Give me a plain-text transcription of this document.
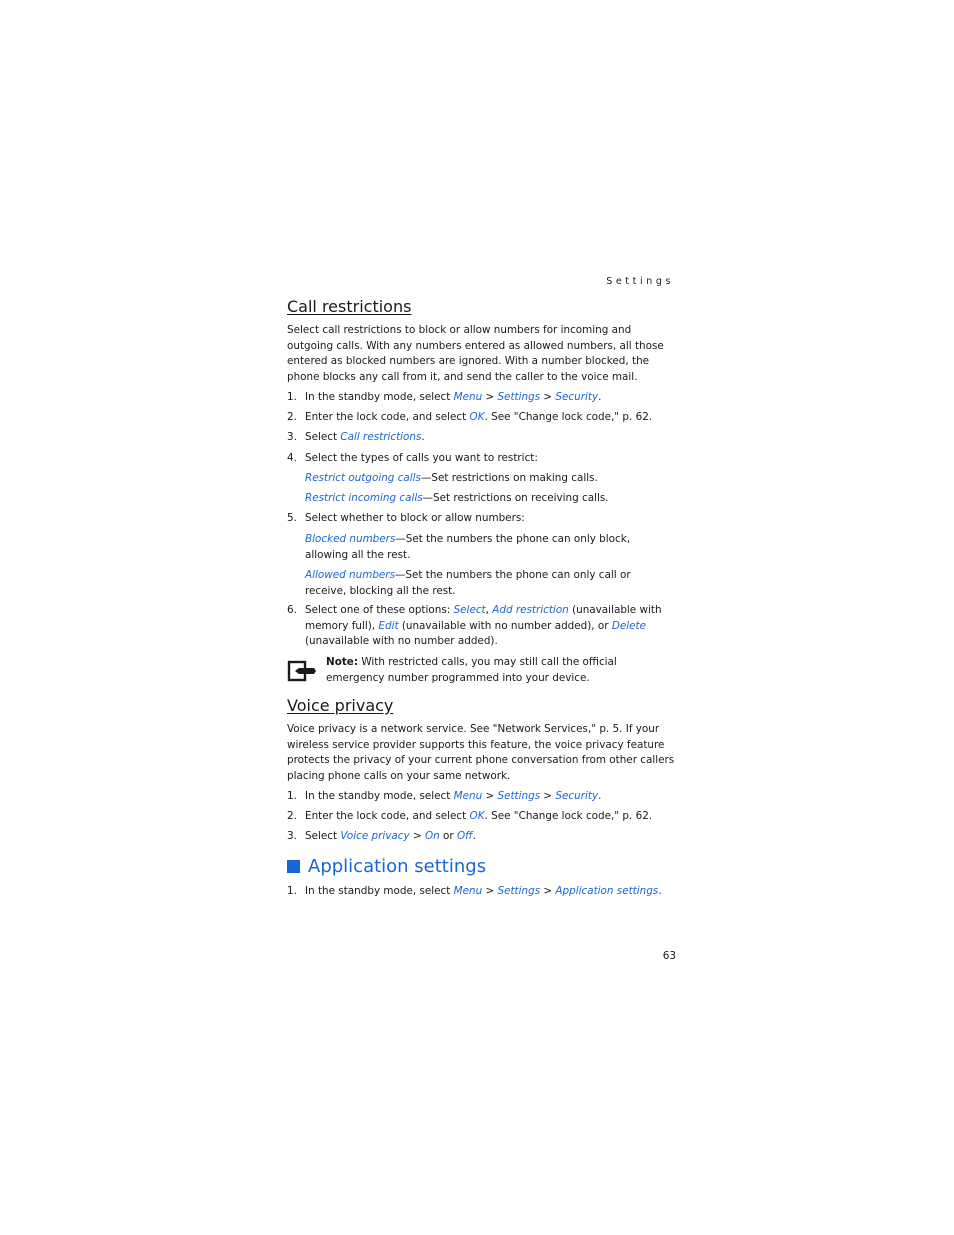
Settings
Call restrictions

Select call restrictions to block or allow numbers for incoming and outgoing calls. With any numbers entered as allowed numbers, all those entered as blocked numbers are ignored. With a number blocked, the phone blocks any call from it, and send the caller to the voice mail.

1. In the standby mode, select Menu > Settings > Security.
2. Enter the lock code, and select OK. See "Change lock code," p. 62.
3. Select Call restrictions.
4. Select the types of calls you want to restrict:
Restrict outgoing calls—Set restrictions on making calls.
Restrict incoming calls—Set restrictions on receiving calls.
5. Select whether to block or allow numbers:
Blocked numbers—Set the numbers the phone can only block, allowing all the rest.
Allowed numbers—Set the numbers the phone can only call or receive, blocking all the rest.
6. Select one of these options: Select, Add restriction (unavailable with memory full), Edit (unavailable with no number added), or Delete (unavailable with no number added).
Note: With restricted calls, you may still call the official emergency number programmed into your device.
Voice privacy

Voice privacy is a network service. See "Network Services," p. 5. If your wireless service provider supports this feature, the voice privacy feature protects the privacy of your current phone conversation from other callers placing phone calls on your same network.

1. In the standby mode, select Menu > Settings > Security.
2. Enter the lock code, and select OK. See "Change lock code," p. 62.
3. Select Voice privacy > On or Off.
Application settings
1. In the standby mode, select Menu > Settings > Application settings.
63
